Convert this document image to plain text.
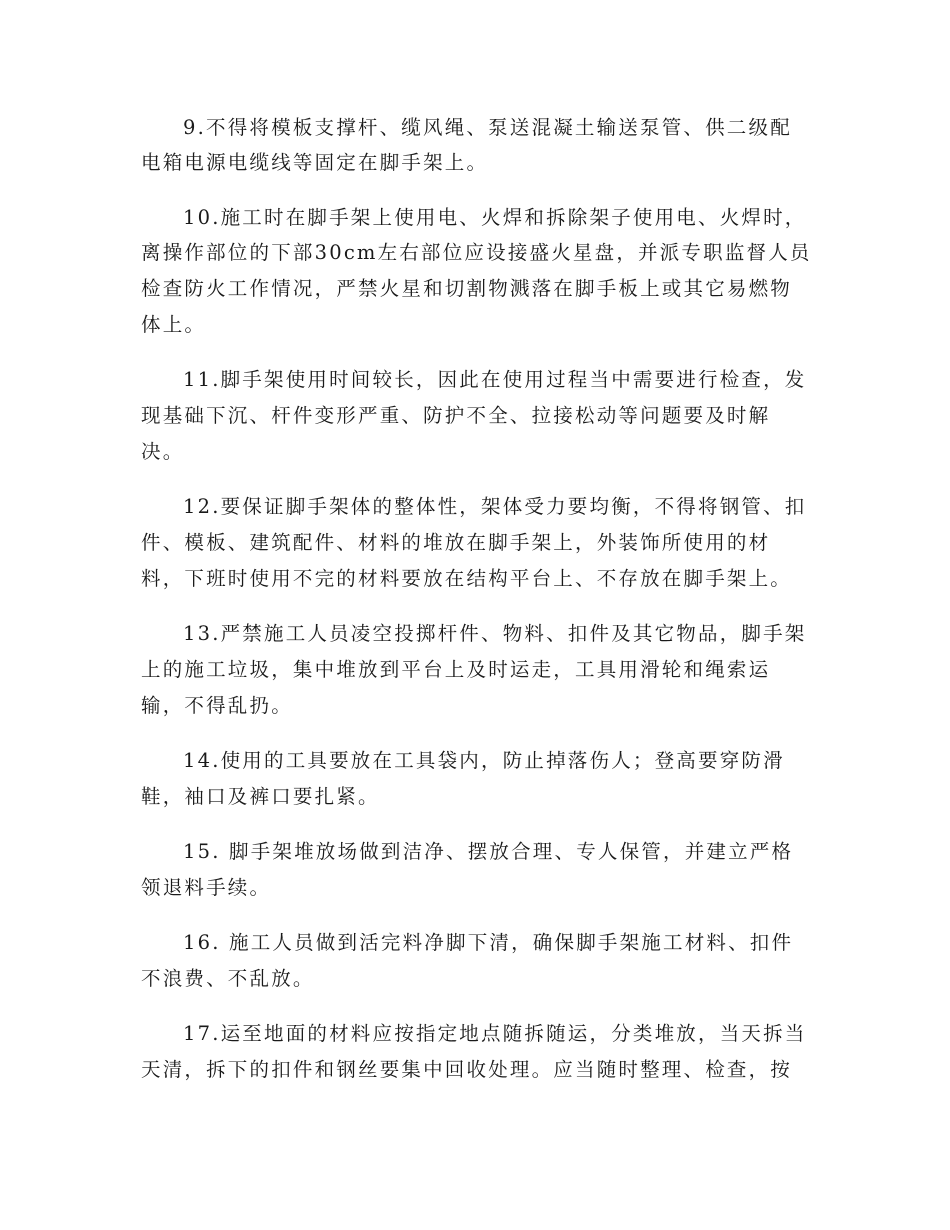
9.不得将模板支撑杆、缆风绳、泵送混凝土输送泵管、供二级配
电箱电源电缆线等固定在脚手架上。
10.施工时在脚手架上使用电、火焊和拆除架子使用电、火焊时，
离操作部位的下部30cm左右部位应设接盛火星盘，并派专职监督人员
检查防火工作情况，严禁火星和切割物溅落在脚手板上或其它易燃物
体上。
11.脚手架使用时间较长，因此在使用过程当中需要进行检查，发
现基础下沉、杆件变形严重、防护不全、拉接松动等问题要及时解
决。
12.要保证脚手架体的整体性，架体受力要均衡，不得将钢管、扣
件、模板、建筑配件、材料的堆放在脚手架上，外装饰所使用的材
料，下班时使用不完的材料要放在结构平台上、不存放在脚手架上。
13.严禁施工人员凌空投掷杆件、物料、扣件及其它物品，脚手架
上的施工垃圾，集中堆放到平台上及时运走，工具用滑轮和绳索运
输，不得乱扔。
14.使用的工具要放在工具袋内，防止掉落伤人；登高要穿防滑
鞋，袖口及裤口要扎紧。
15. 脚手架堆放场做到洁净、摆放合理、专人保管，并建立严格
领退料手续。
16. 施工人员做到活完料净脚下清，确保脚手架施工材料、扣件
不浪费、不乱放。
17.运至地面的材料应按指定地点随拆随运，分类堆放，当天拆当
天清，拆下的扣件和钢丝要集中回收处理。应当随时整理、检查，按
